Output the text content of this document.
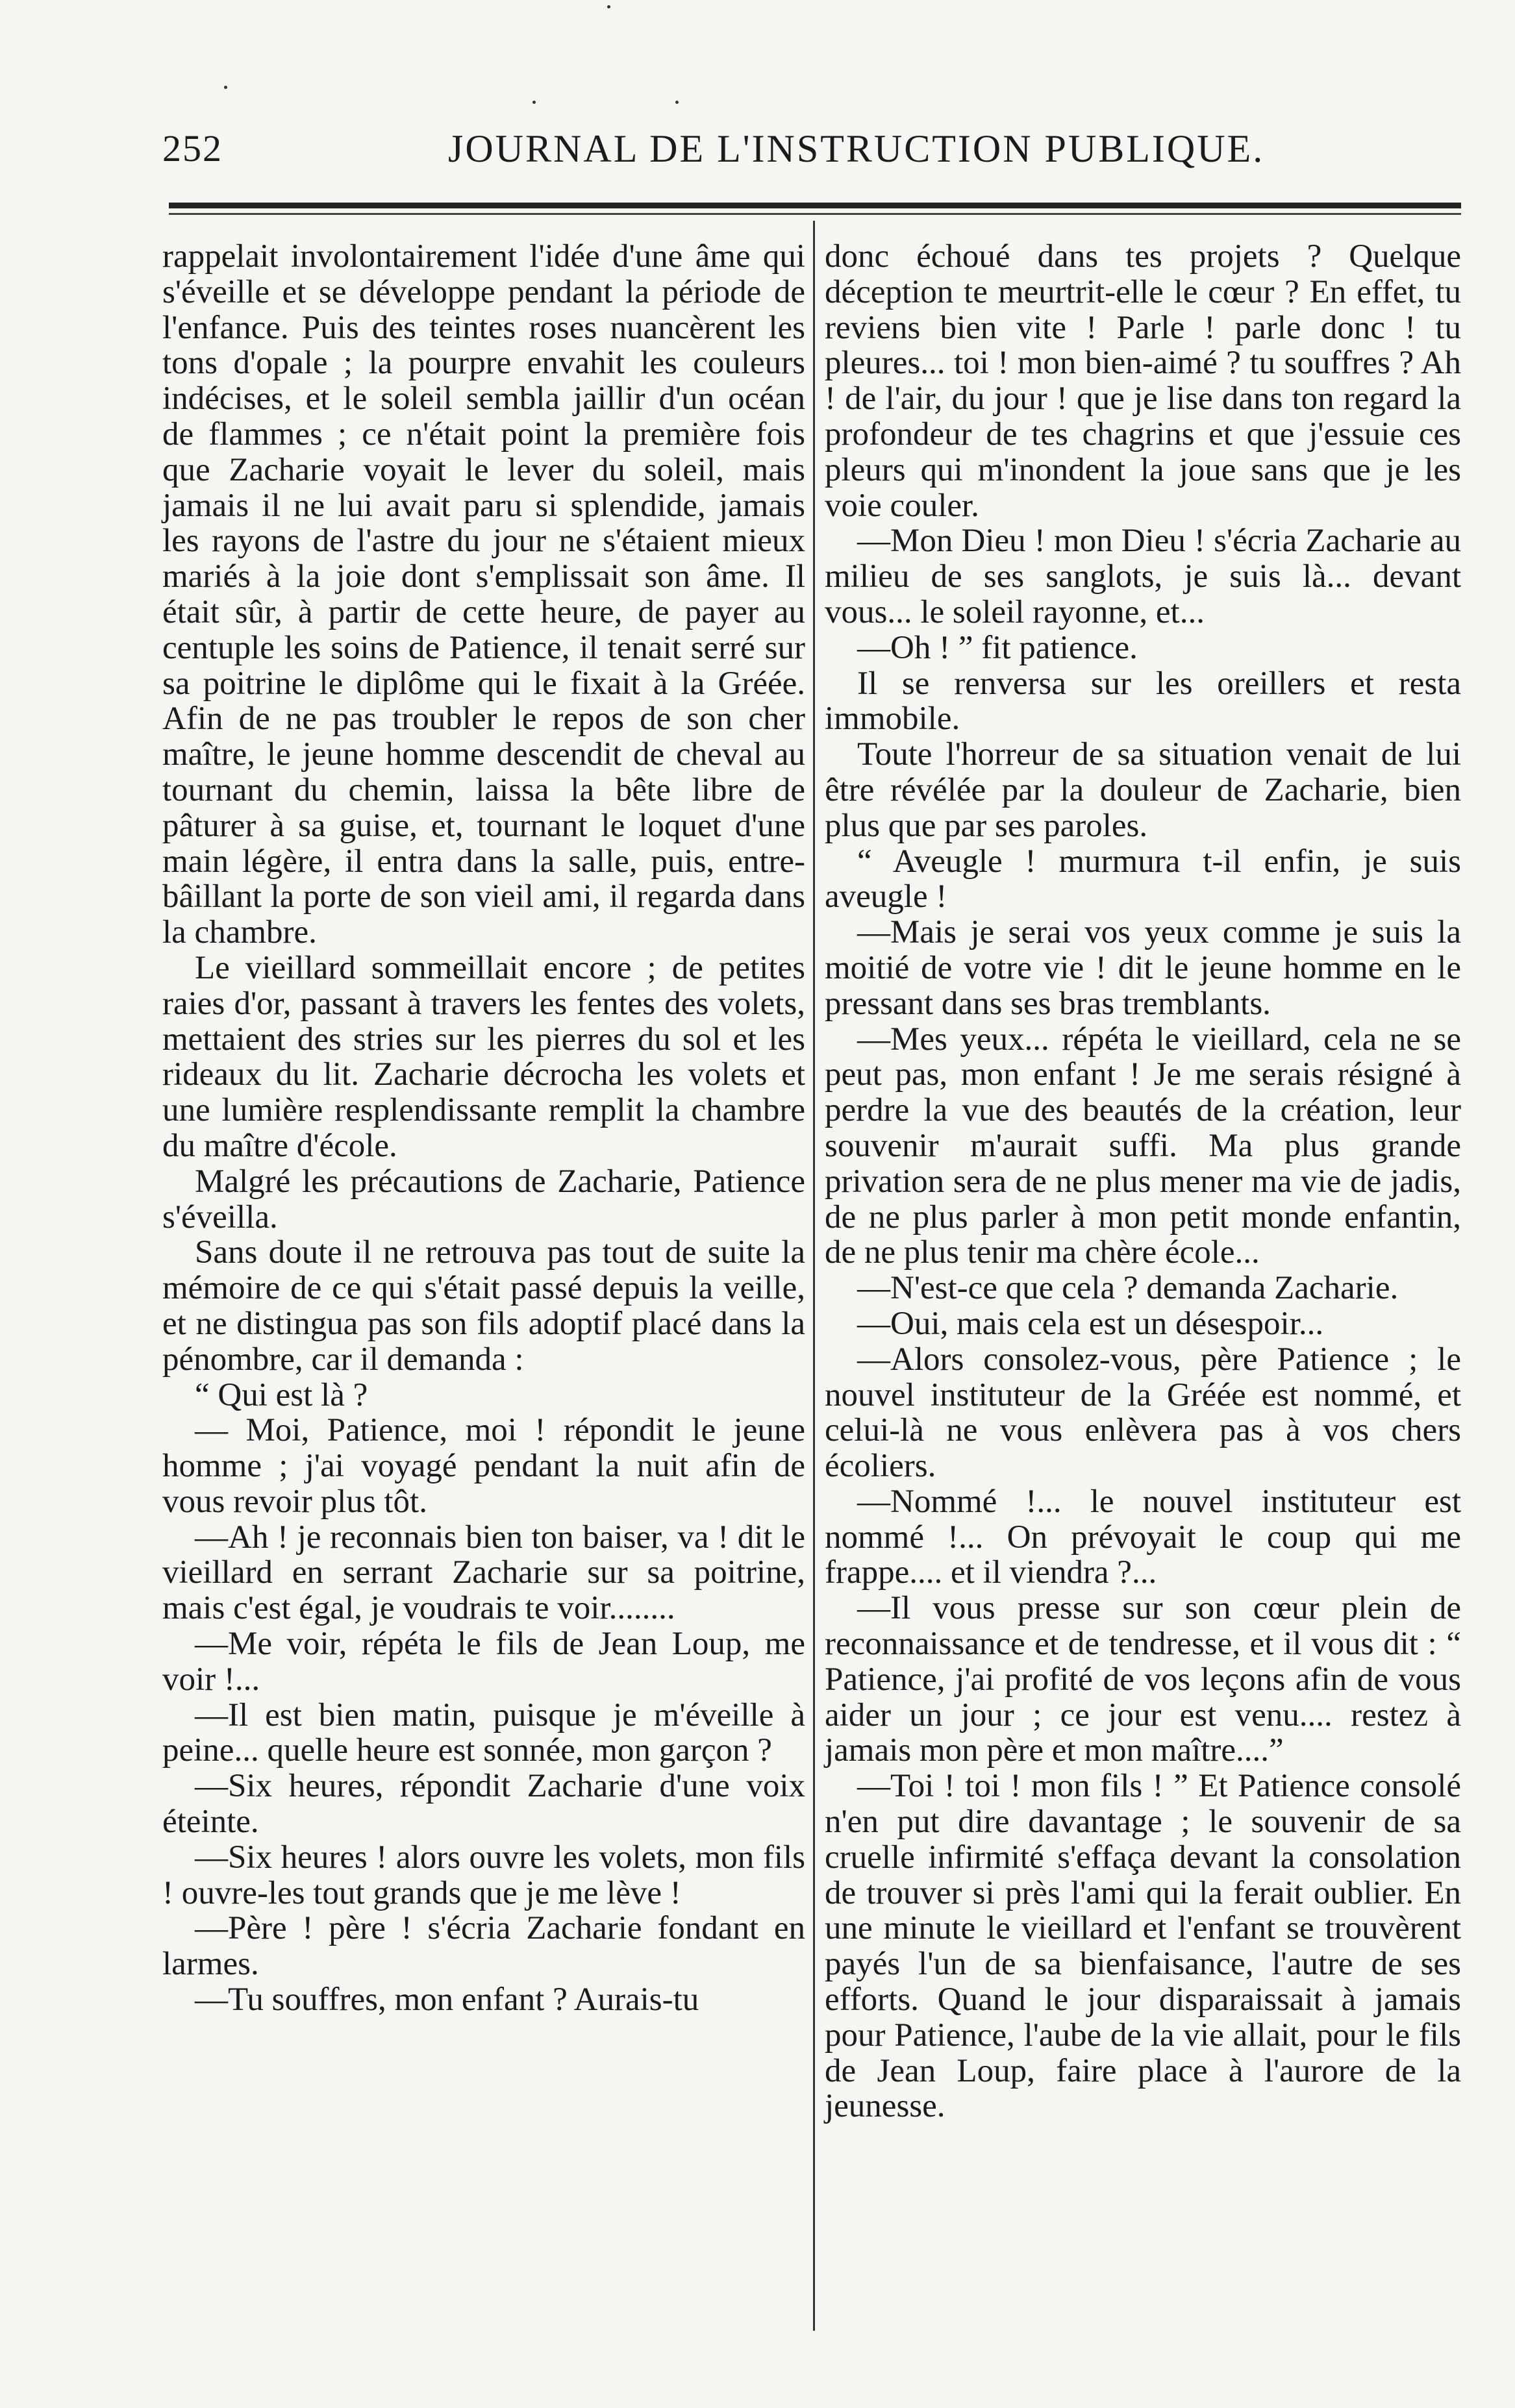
252	JOURNAL DE L'INSTRUCTION PUBLIQUE.

rappelait involontairement l'idée d'une âme qui s'éveille et se développe pendant la période de l'enfance. Puis des teintes roses nuancèrent les tons d'opale ; la pourpre envahit les couleurs indécises, et le soleil sembla jaillir d'un océan de flammes ; ce n'était point la première fois que Zacharie voyait le lever du soleil, mais jamais il ne lui avait paru si splendide, jamais les rayons de l'astre du jour ne s'étaient mieux mariés à la joie dont s'emplissait son âme. Il était sûr, à partir de cette heure, de payer au centuple les soins de Patience, il tenait serré sur sa poitrine le diplôme qui le fixait à la Gréée. Afin de ne pas troubler le repos de son cher maître, le jeune homme descendit de cheval au tournant du chemin, laissa la bête libre de pâturer à sa guise, et, tournant le loquet d'une main légère, il entra dans la salle, puis, entre-bâillant la porte de son vieil ami, il regarda dans la chambre.

Le vieillard sommeillait encore ; de petites raies d'or, passant à travers les fentes des volets, mettaient des stries sur les pierres du sol et les rideaux du lit. Zacharie décrocha les volets et une lumière resplendissante remplit la chambre du maître d'école.

Malgré les précautions de Zacharie, Patience s'éveilla.

Sans doute il ne retrouva pas tout de suite la mémoire de ce qui s'était passé depuis la veille, et ne distingua pas son fils adoptif placé dans la pénombre, car il demanda :

“ Qui est là ?

— Moi, Patience, moi ! répondit le jeune homme ; j'ai voyagé pendant la nuit afin de vous revoir plus tôt.

—Ah ! je reconnais bien ton baiser, va ! dit le vieillard en serrant Zacharie sur sa poitrine, mais c'est égal, je voudrais te voir........

—Me voir, répéta le fils de Jean Loup, me voir !...

—Il est bien matin, puisque je m'éveille à peine... quelle heure est sonnée, mon garçon ?

—Six heures, répondit Zacharie d'une voix éteinte.

—Six heures ! alors ouvre les volets, mon fils ! ouvre-les tout grands que je me lève !

—Père ! père ! s'écria Zacharie fondant en larmes.

—Tu souffres, mon enfant ? Aurais-tu

donc échoué dans tes projets ? Quelque déception te meurtrit-elle le cœur ? En effet, tu reviens bien vite ! Parle ! parle donc ! tu pleures... toi ! mon bien-aimé ? tu souffres ? Ah ! de l'air, du jour ! que je lise dans ton regard la profondeur de tes chagrins et que j'essuie ces pleurs qui m'inondent la joue sans que je les voie couler.

—Mon Dieu ! mon Dieu ! s'écria Zacharie au milieu de ses sanglots, je suis là... devant vous... le soleil rayonne, et...

—Oh ! ” fit patience.

Il se renversa sur les oreillers et resta immobile.

Toute l'horreur de sa situation venait de lui être révélée par la douleur de Zacharie, bien plus que par ses paroles.

“ Aveugle ! murmura t-il enfin, je suis aveugle !

—Mais je serai vos yeux comme je suis la moitié de votre vie ! dit le jeune homme en le pressant dans ses bras tremblants.

—Mes yeux... répéta le vieillard, cela ne se peut pas, mon enfant ! Je me serais résigné à perdre la vue des beautés de la création, leur souvenir m'aurait suffi. Ma plus grande privation sera de ne plus mener ma vie de jadis, de ne plus parler à mon petit monde enfantin, de ne plus tenir ma chère école...

—N'est-ce que cela ? demanda Zacharie.

—Oui, mais cela est un désespoir...

—Alors consolez-vous, père Patience ; le nouvel instituteur de la Gréée est nommé, et celui-là ne vous enlèvera pas à vos chers écoliers.

—Nommé !... le nouvel instituteur est nommé !... On prévoyait le coup qui me frappe.... et il viendra ?...

—Il vous presse sur son cœur plein de reconnaissance et de tendresse, et il vous dit : “ Patience, j'ai profité de vos leçons afin de vous aider un jour ; ce jour est venu.... restez à jamais mon père et mon maître....”

—Toi ! toi ! mon fils ! ” Et Patience consolé n'en put dire davantage ; le souvenir de sa cruelle infirmité s'effaça devant la consolation de trouver si près l'ami qui la ferait oublier. En une minute le vieillard et l'enfant se trouvèrent payés l'un de sa bienfaisance, l'autre de ses efforts. Quand le jour disparaissait à jamais pour Patience, l'aube de la vie allait, pour le fils de Jean Loup, faire place à l'aurore de la jeunesse.
